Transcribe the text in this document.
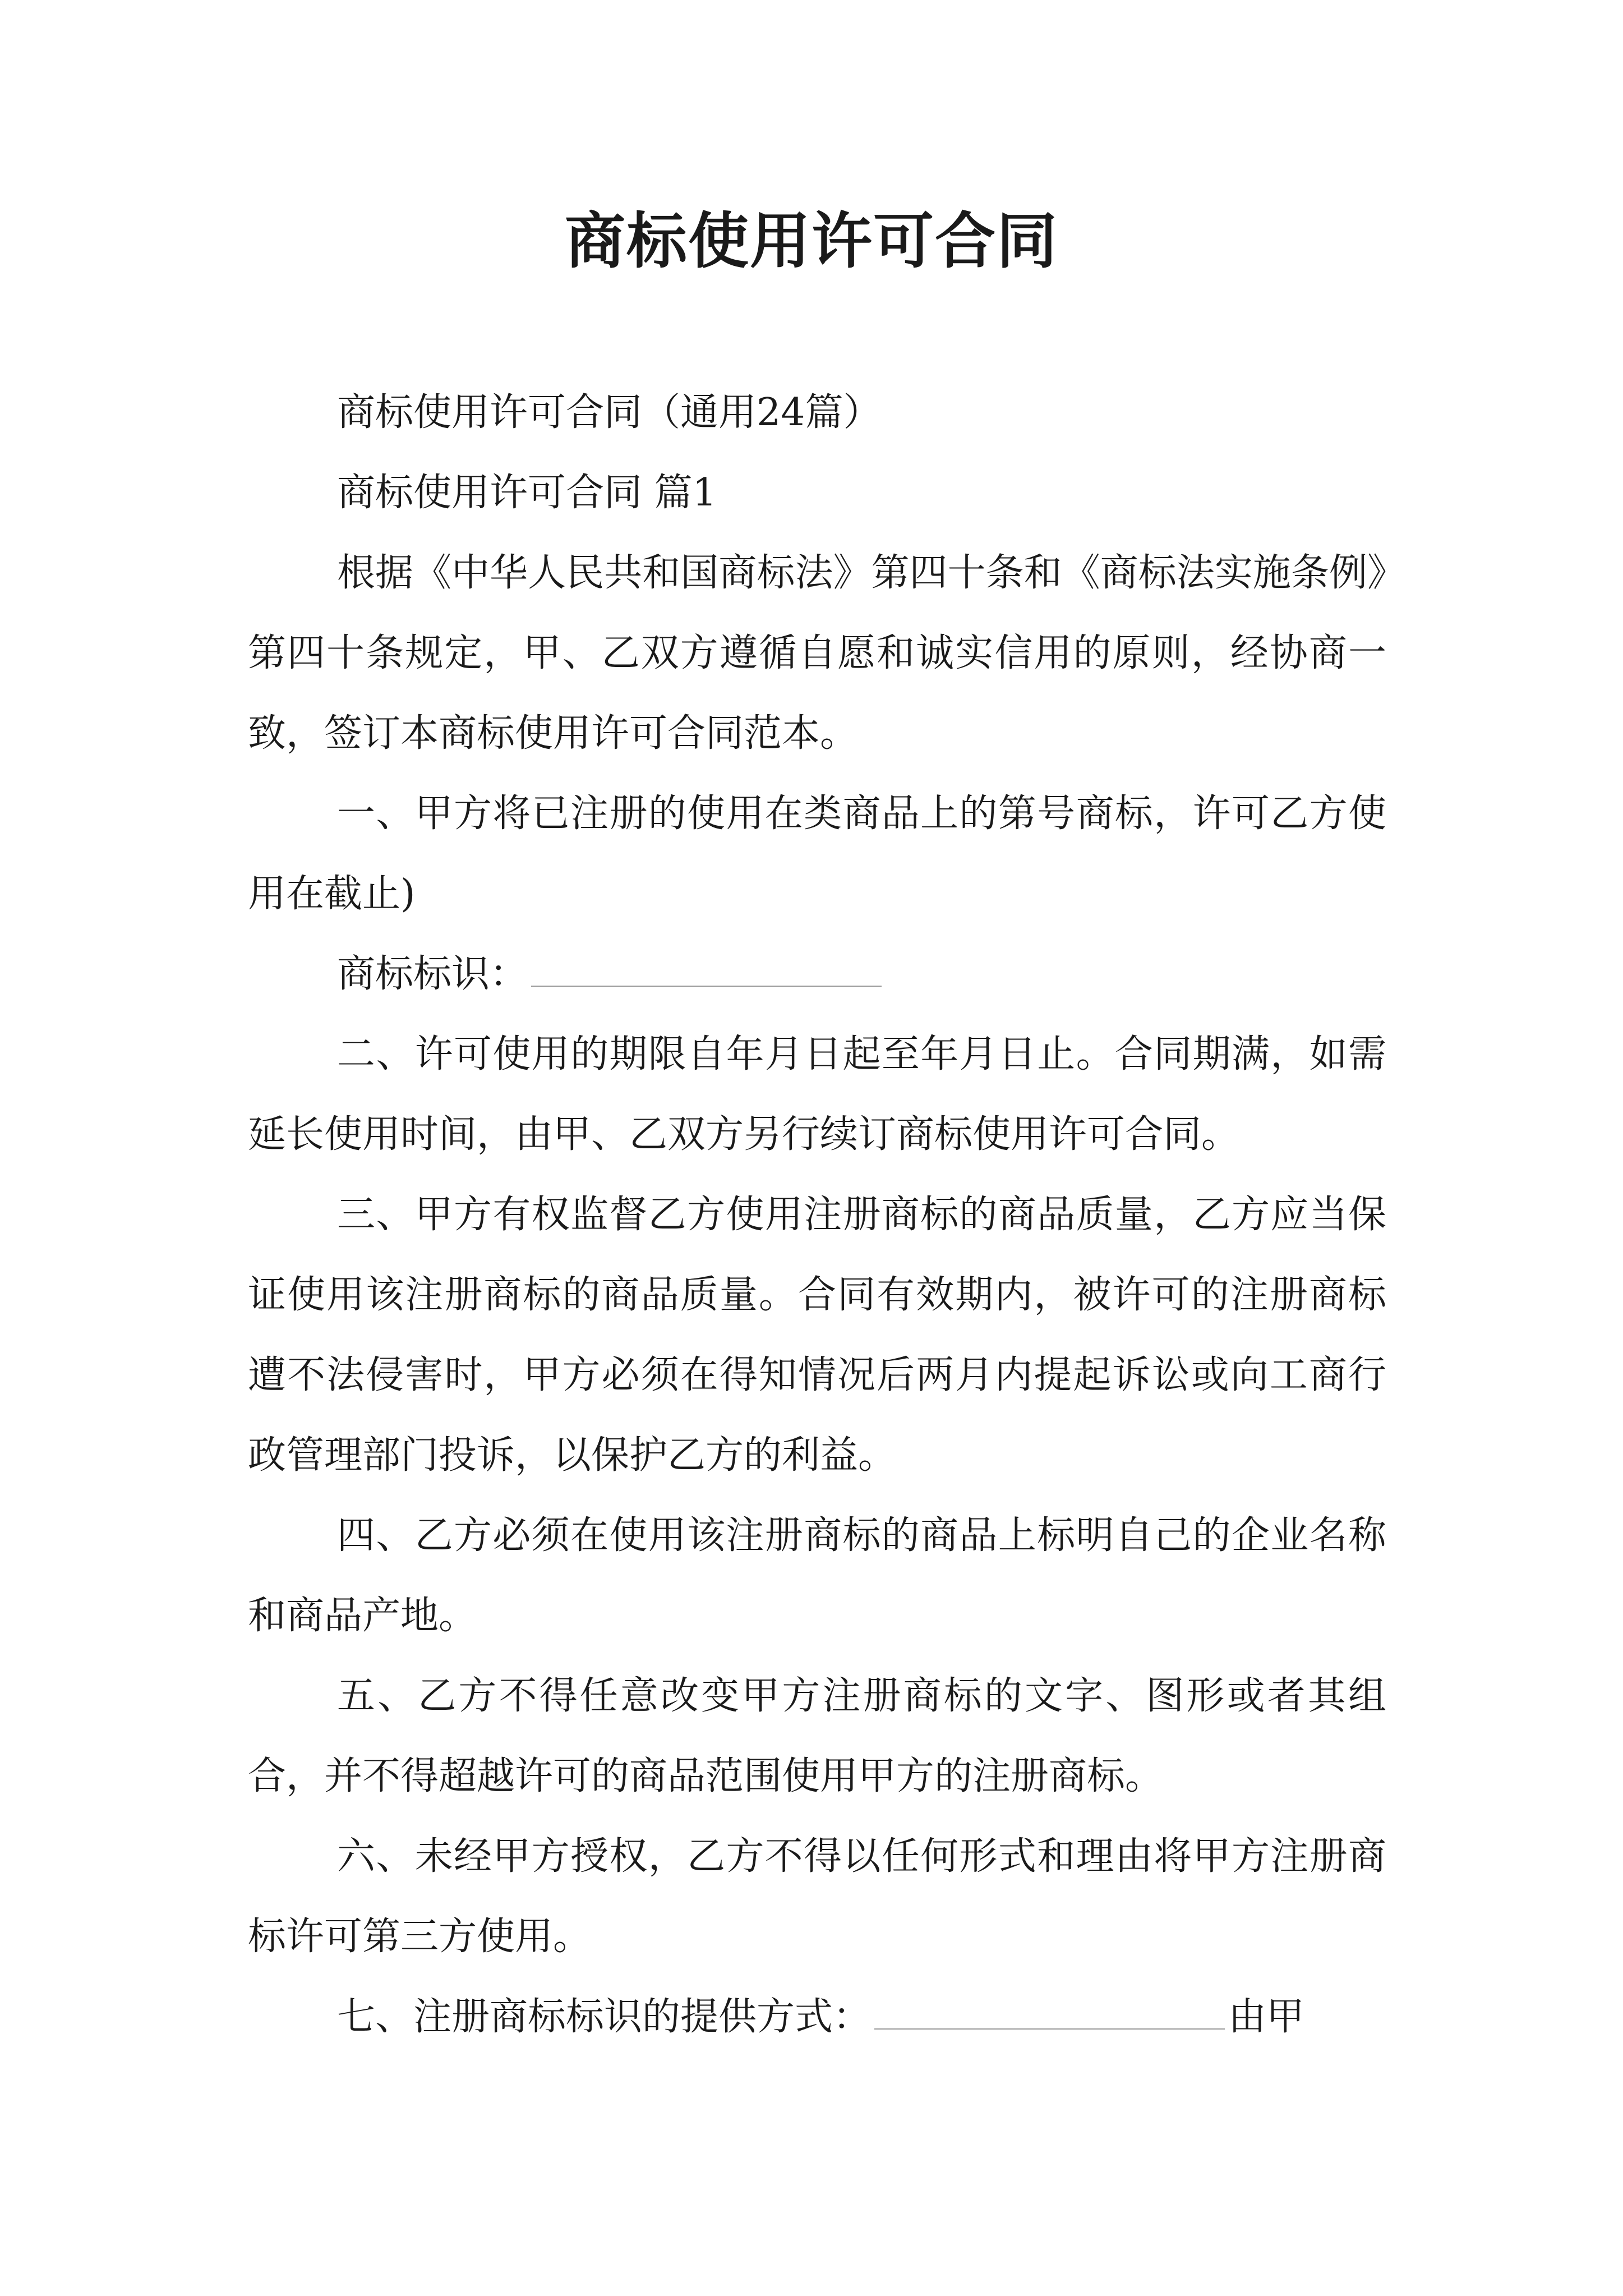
商标使用许可合同

商标使用许可合同（通用24篇）

商标使用许可合同 篇1

根据《中华人民共和国商标法》第四十条和《商标法实施条例》第四十条规定，甲、乙双方遵循自愿和诚实信用的原则，经协商一致，签订本商标使用许可合同范本。

一、甲方将已注册的使用在类商品上的第号商标，许可乙方使用在截止)

商标标识：

二、许可使用的期限自年月日起至年月日止。合同期满，如需延长使用时间，由甲、乙双方另行续订商标使用许可合同。

三、甲方有权监督乙方使用注册商标的商品质量，乙方应当保证使用该注册商标的商品质量。合同有效期内，被许可的注册商标遭不法侵害时，甲方必须在得知情况后两月内提起诉讼或向工商行政管理部门投诉，以保护乙方的利益。

四、乙方必须在使用该注册商标的商品上标明自己的企业名称和商品产地。

五、乙方不得任意改变甲方注册商标的文字、图形或者其组合，并不得超越许可的商品范围使用甲方的注册商标。

六、未经甲方授权，乙方不得以任何形式和理由将甲方注册商标许可第三方使用。

七、注册商标标识的提供方式：	由甲
